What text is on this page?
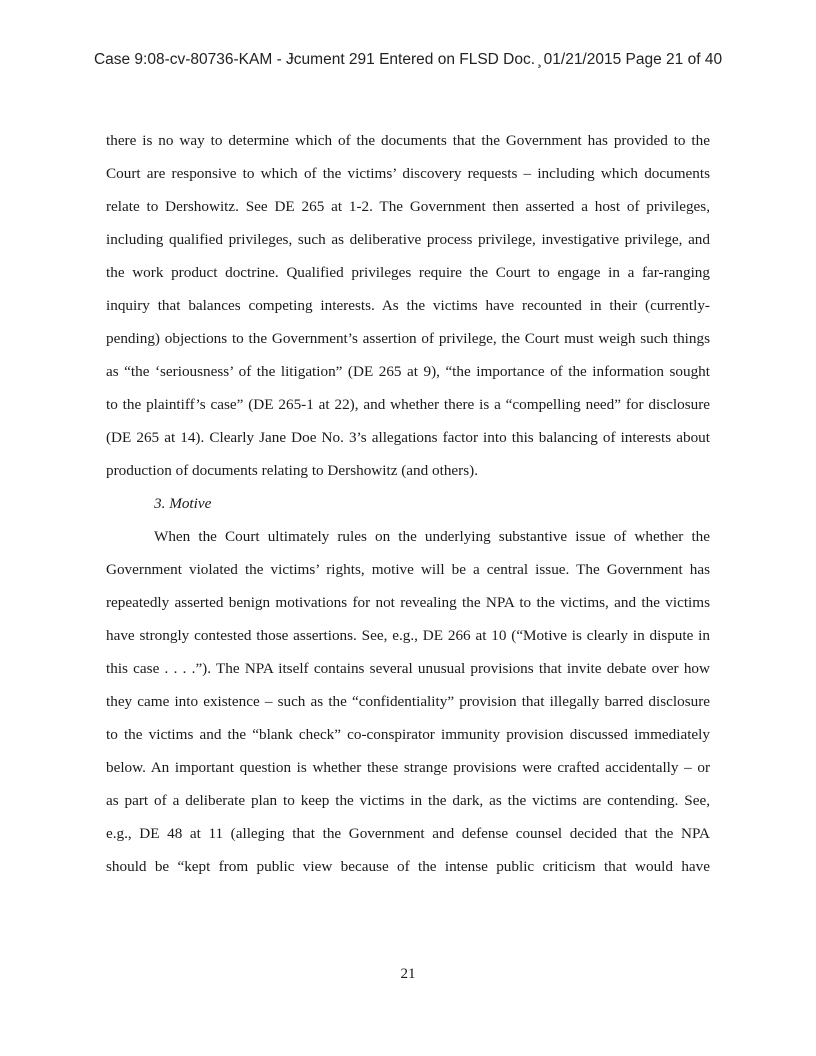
Case 9:08-cv-80736-KAM ‐ Ɉcument 291 Entered on FLSD Doc. ̧ 01/21/2015 Page 21 of 40
there is no way to determine which of the documents that the Government has provided to the
Court are responsive to which of the victims’ discovery requests – including which documents
relate to Dershowitz. See DE 265 at 1-2. The Government then asserted a host of privileges,
including qualified privileges, such as deliberative process privilege, investigative privilege, and
the work product doctrine. Qualified privileges require the Court to engage in a far-ranging
inquiry that balances competing interests. As the victims have recounted in their (currently-
pending) objections to the Government’s assertion of privilege, the Court must weigh such things
as “the ‘seriousness’ of the litigation” (DE 265 at 9), “the importance of the information sought
to the plaintiff’s case” (DE 265-1 at 22), and whether there is a “compelling need” for disclosure
(DE 265 at 14). Clearly Jane Doe No. 3’s allegations factor into this balancing of interests about
production of documents relating to Dershowitz (and others).
3. Motive
When the Court ultimately rules on the underlying substantive issue of whether the
Government violated the victims’ rights, motive will be a central issue. The Government has
repeatedly asserted benign motivations for not revealing the NPA to the victims, and the victims
have strongly contested those assertions. See, e.g., DE 266 at 10 (“Motive is clearly in dispute in
this case . . . .”). The NPA itself contains several unusual provisions that invite debate over how
they came into existence – such as the “confidentiality” provision that illegally barred disclosure
to the victims and the “blank check” co-conspirator immunity provision discussed immediately
below. An important question is whether these strange provisions were crafted accidentally – or
as part of a deliberate plan to keep the victims in the dark, as the victims are contending. See,
e.g., DE 48 at 11 (alleging that the Government and defense counsel decided that the NPA
should be “kept from public view because of the intense public criticism that would have
21
